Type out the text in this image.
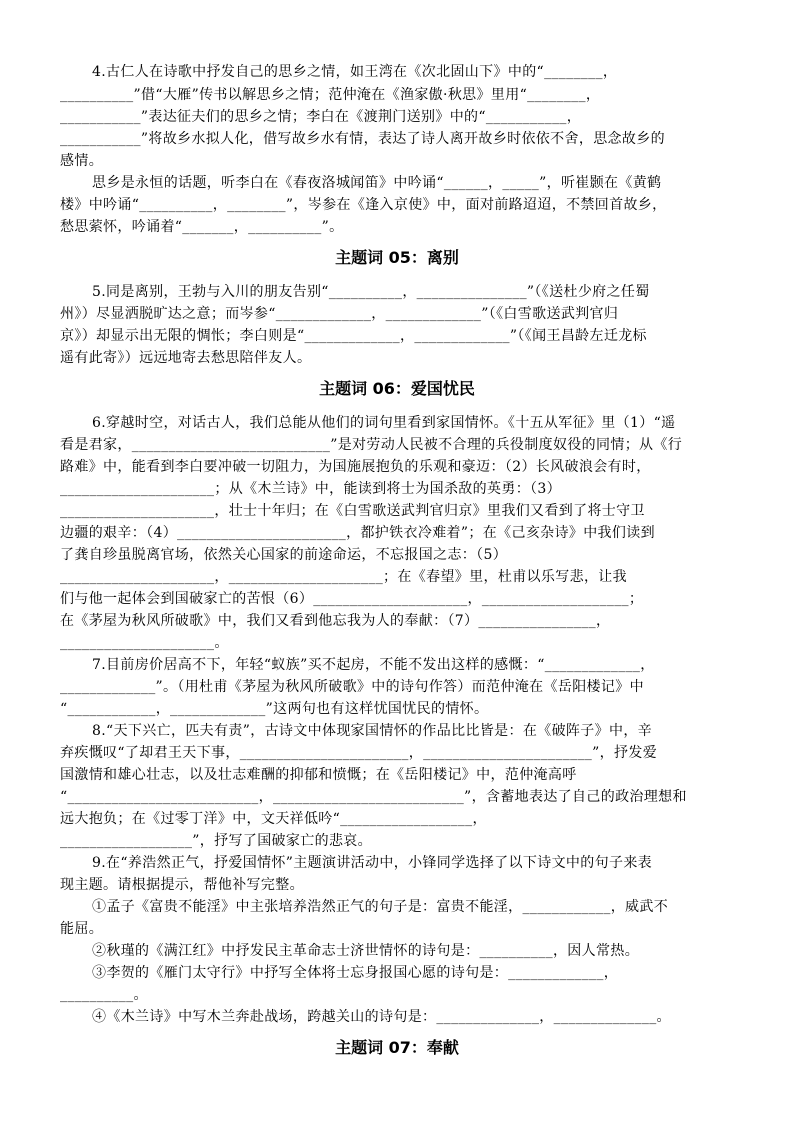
4.古仁人在诗歌中抒发自己的思乡之情，如王湾在《次北固山下》中的“________，
__________”借“大雁”传书以解思乡之情；范仲淹在《渔家傲·秋思》里用“________，
___________”表达征夫们的思乡之情；李白在《渡荆门送别》中的“___________，
___________”将故乡水拟人化，借写故乡水有情，表达了诗人离开故乡时依依不舍，思念故乡的
感情。
思乡是永恒的话题，听李白在《春夜洛城闻笛》中吟诵“______，_____”，听崔颢在《黄鹤
楼》中吟诵“__________，________”，岑参在《逢入京使》中，面对前路迢迢，不禁回首故乡，
愁思萦怀，吟诵着“_______，__________”。
主题词 05：离别
5.同是离别，王勃与入川的朋友告别“__________，_______________”（《送杜少府之任蜀
州》）尽显洒脱旷达之意；而岑参“_____________，_____________”（《白雪歌送武判官归
京》）却显示出无限的惆怅；李白则是“_____________，_____________”（《闻王昌龄左迁龙标
遥有此寄》）远远地寄去愁思陪伴友人。
主题词 06：爱国忧民
6.穿越时空，对话古人，我们总能从他们的词句里看到家国情怀。《十五从军征》里（1）“遥
看是君家，___________________________”是对劳动人民被不合理的兵役制度奴役的同情；从《行
路难》中，能看到李白要冲破一切阻力，为国施展抱负的乐观和豪迈：（2）长风破浪会有时，
_____________________；从《木兰诗》中，能读到将士为国杀敌的英勇：（3）
_____________________，壮士十年归；在《白雪歌送武判官归京》里我们又看到了将士守卫
边疆的艰辛：（4）_______________________，都护铁衣冷难着”；在《己亥杂诗》中我们读到
了龚自珍虽脱离官场，依然关心国家的前途命运，不忘报国之志：（5）
_____________________，_____________________；在《春望》里，杜甫以乐写悲，让我
们与他一起体会到国破家亡的苦恨（6）_____________________，____________________；
在《茅屋为秋风所破歌》中，我们又看到他忘我为人的奉献：（7）________________，
_____________________。
7.目前房价居高不下，年轻“蚁族”买不起房，不能不发出这样的感慨：“_____________，
_____________”。（用杜甫《茅屋为秋风所破歌》中的诗句作答）而范仲淹在《岳阳楼记》中
“____________，_____________”这两句也有这样忧国忧民的情怀。
8.“天下兴亡，匹夫有责”，古诗文中体现家国情怀的作品比比皆是：在《破阵子》中，辛
弃疾慨叹“了却君王天下事，_______________________，_______________________”，抒发爱
国激情和雄心壮志，以及壮志难酬的抑郁和愤慨；在《岳阳楼记》中，范仲淹高呼
“__________________________，__________________________”，含蓄地表达了自己的政治理想和
远大抱负；在《过零丁洋》中，文天祥低吟“__________________，
__________________”，抒写了国破家亡的悲哀。
9.在“养浩然正气，抒爱国情怀”主题演讲活动中，小锋同学选择了以下诗文中的句子来表
现主题。请根据提示，帮他补写完整。
①孟子《富贵不能淫》中主张培养浩然正气的句子是：富贵不能淫，____________，威武不
能屈。
②秋瑾的《满江红》中抒发民主革命志士济世情怀的诗句是：__________，因人常热。
③李贺的《雁门太守行》中抒写全体将士忘身报国心愿的诗句是：_____________，
__________。
④《木兰诗》中写木兰奔赴战场，跨越关山的诗句是：______________，______________。
主题词 07：奉献
